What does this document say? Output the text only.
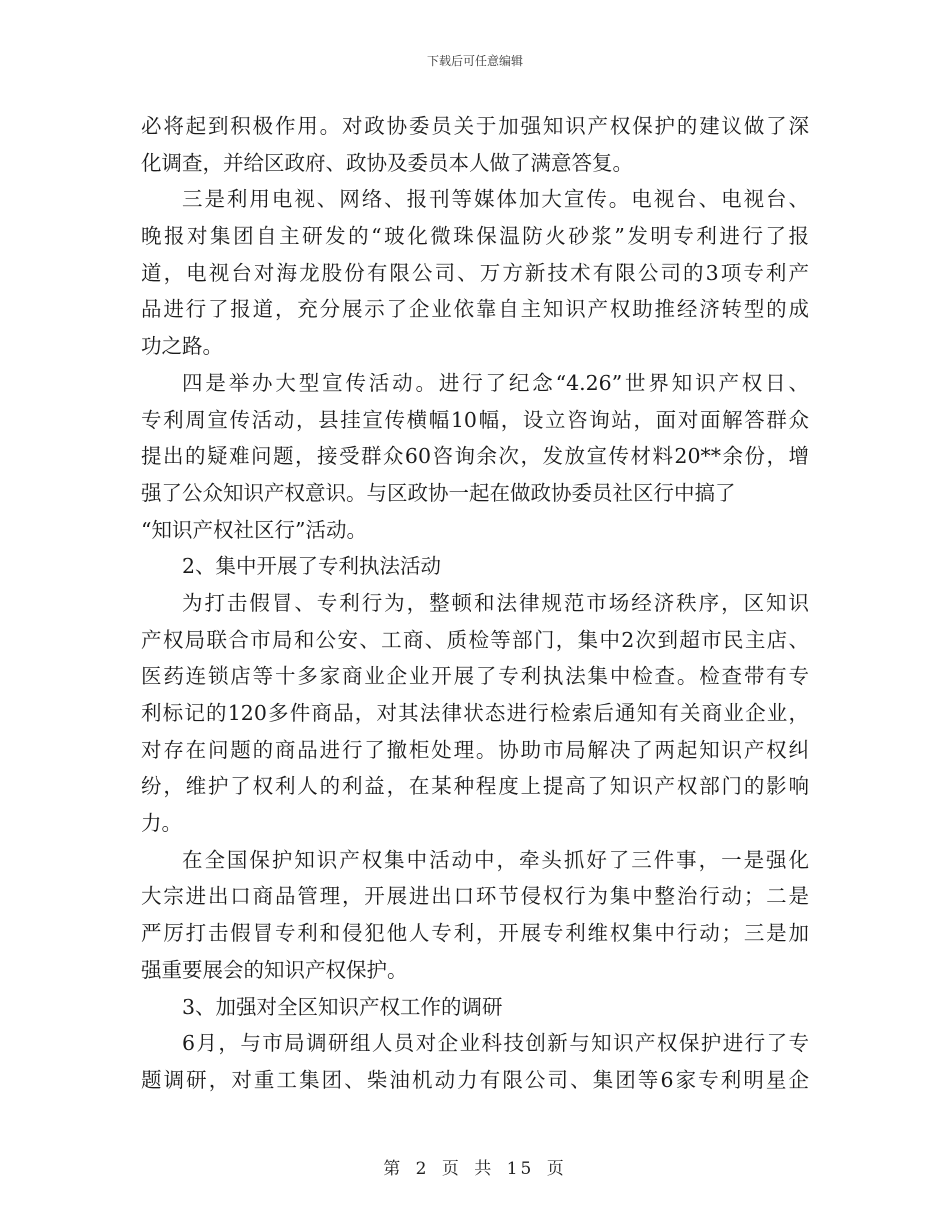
下载后可任意编辑
必将起到积极作用。对政协委员关于加强知识产权保护的建议做了深
化调查，并给区政府、政协及委员本人做了满意答复。
三是利用电视、网络、报刊等媒体加大宣传。电视台、电视台、
晚报对集团自主研发的“玻化微珠保温防火砂浆”发明专利进行了报
道，电视台对海龙股份有限公司、万方新技术有限公司的3项专利产
品进行了报道，充分展示了企业依靠自主知识产权助推经济转型的成
功之路。
四是举办大型宣传活动。进行了纪念“4.26”世界知识产权日、
专利周宣传活动，县挂宣传横幅10幅，设立咨询站，面对面解答群众
提出的疑难问题，接受群众60咨询余次，发放宣传材料20**余份，增
强了公众知识产权意识。与区政协一起在做政协委员社区行中搞了
“知识产权社区行”活动。
2、集中开展了专利执法活动
为打击假冒、专利行为，整顿和法律规范市场经济秩序，区知识
产权局联合市局和公安、工商、质检等部门，集中2次到超市民主店、
医药连锁店等十多家商业企业开展了专利执法集中检查。检查带有专
利标记的120多件商品，对其法律状态进行检索后通知有关商业企业，
对存在问题的商品进行了撤柜处理。协助市局解决了两起知识产权纠
纷，维护了权利人的利益，在某种程度上提高了知识产权部门的影响
力。
在全国保护知识产权集中活动中，牵头抓好了三件事，一是强化
大宗进出口商品管理，开展进出口环节侵权行为集中整治行动；二是
严厉打击假冒专利和侵犯他人专利，开展专利维权集中行动；三是加
强重要展会的知识产权保护。
3、加强对全区知识产权工作的调研
6月，与市局调研组人员对企业科技创新与知识产权保护进行了专
题调研，对重工集团、柴油机动力有限公司、集团等6家专利明星企
第 2 页 共 15 页
